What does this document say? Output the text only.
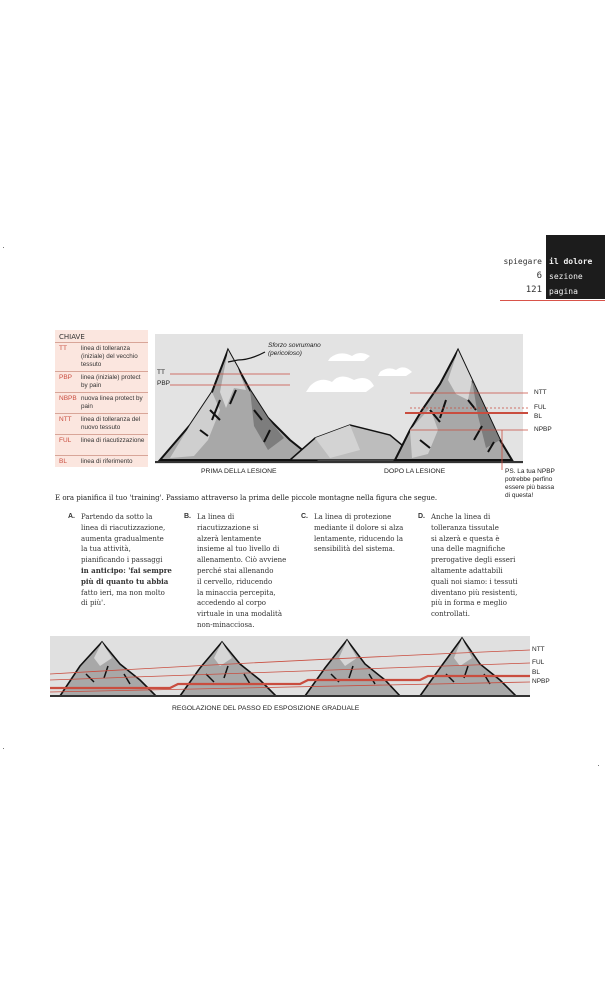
spiegare il dolore
6 sezione
121 pagina
CHIAVE
TT linea di tolleranza (iniziale) del vecchio tessuto
PBP linea (iniziale) protect by pain
NBPB nuova linea protect by pain
NTT linea di tolleranza del nuovo tessuto
FUL linea di riacutizzazione
BL linea di riferimento
Sforzo sovrumano (pericoloso)
TT
PBP
NTT
FUL
BL
NPBP
PRIMA DELLA LESIONE	DOPO LA LESIONE	PS. La tua NPBP potrebbe perfino essere più bassa di questa!
E ora pianifica il tuo 'training'. Passiamo attraverso la prima delle piccole montagne nella figura che segue.
A. Partendo da sotto la
linea di riacutizzazione,
aumenta gradualmente
la tua attività,
pianificando i passaggi
in anticipo: 'fai sempre
più di quanto tu abbia
fatto ieri, ma non molto
di più'.
B. La linea di
riacutizzazione si
alzerà lentamente
insieme al tuo livello di
allenamento. Ciò avviene
perché stai allenando
il cervello, riducendo
la minaccia percepita,
accedendo al corpo
virtuale in una modalità
non-minacciosa.
C. La linea di protezione
mediante il dolore si alza
lentamente, riducendo la
sensibilità del sistema.
D. Anche la linea di
tolleranza tissutale
si alzerà e questa è
una delle magnifiche
prerogative degli esseri
altamente adattabili
quali noi siamo: i tessuti
diventano più resistenti,
più in forma e meglio
controllati.
NTT
FUL
BL
NPBP
REGOLAZIONE DEL PASSO ED ESPOSIZIONE GRADUALE
